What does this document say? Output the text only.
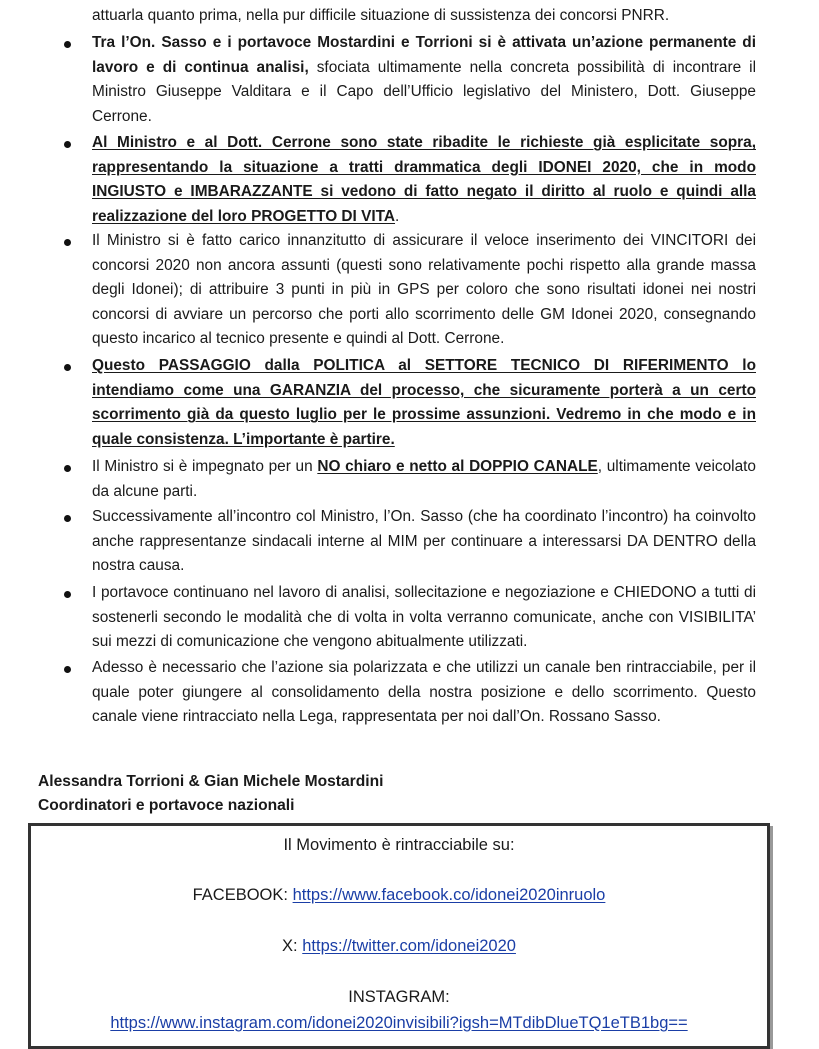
attuarla quanto prima, nella pur difficile situazione di sussistenza dei concorsi PNRR.
Tra l’On. Sasso e i portavoce Mostardini e Torrioni si è attivata un’azione permanente di lavoro e di continua analisi, sfociata ultimamente nella concreta possibilità di incontrare il Ministro Giuseppe Valditara e il Capo dell’Ufficio legislativo del Ministero, Dott. Giuseppe Cerrone.
Al Ministro e al Dott. Cerrone sono state ribadite le richieste già esplicitate sopra, rappresentando la situazione a tratti drammatica degli IDONEI 2020, che in modo INGIUSTO e IMBARAZZANTE si vedono di fatto negato il diritto al ruolo e quindi alla realizzazione del loro PROGETTO DI VITA.
Il Ministro si è fatto carico innanzitutto di assicurare il veloce inserimento dei VINCITORI dei concorsi 2020 non ancora assunti (questi sono relativamente pochi rispetto alla grande massa degli Idonei); di attribuire 3 punti in più in GPS per coloro che sono risultati idonei nei nostri concorsi di avviare un percorso che porti allo scorrimento delle GM Idonei 2020, consegnando questo incarico al tecnico presente e quindi al Dott. Cerrone.
Questo PASSAGGIO dalla POLITICA al SETTORE TECNICO DI RIFERIMENTO lo intendiamo come una GARANZIA del processo, che sicuramente porterà a un certo scorrimento già da questo luglio per le prossime assunzioni. Vedremo in che modo e in quale consistenza. L’importante è partire.
Il Ministro si è impegnato per un NO chiaro e netto al DOPPIO CANALE, ultimamente veicolato da alcune parti.
Successivamente all’incontro col Ministro, l’On. Sasso (che ha coordinato l’incontro) ha coinvolto anche rappresentanze sindacali interne al MIM per continuare a interessarsi DA DENTRO della nostra causa.
I portavoce continuano nel lavoro di analisi, sollecitazione e negoziazione e CHIEDONO a tutti di sostenerli secondo le modalità che di volta in volta verranno comunicate, anche con VISIBILITA’ sui mezzi di comunicazione che vengono abitualmente utilizzati.
Adesso è necessario che l’azione sia polarizzata e che utilizzi un canale ben rintracciabile, per il quale poter giungere al consolidamento della nostra posizione e dello scorrimento. Questo canale viene rintracciato nella Lega, rappresentata per noi dall’On. Rossano Sasso.
Alessandra Torrioni & Gian Michele Mostardini
Coordinatori e portavoce nazionali
Il Movimento è rintracciabile su:
FACEBOOK: https://www.facebook.co/idonei2020inruolo
X: https://twitter.com/idonei2020
INSTAGRAM:
https://www.instagram.com/idonei2020invisibili?igsh=MTdibDlueTQ1eTB1bg==
